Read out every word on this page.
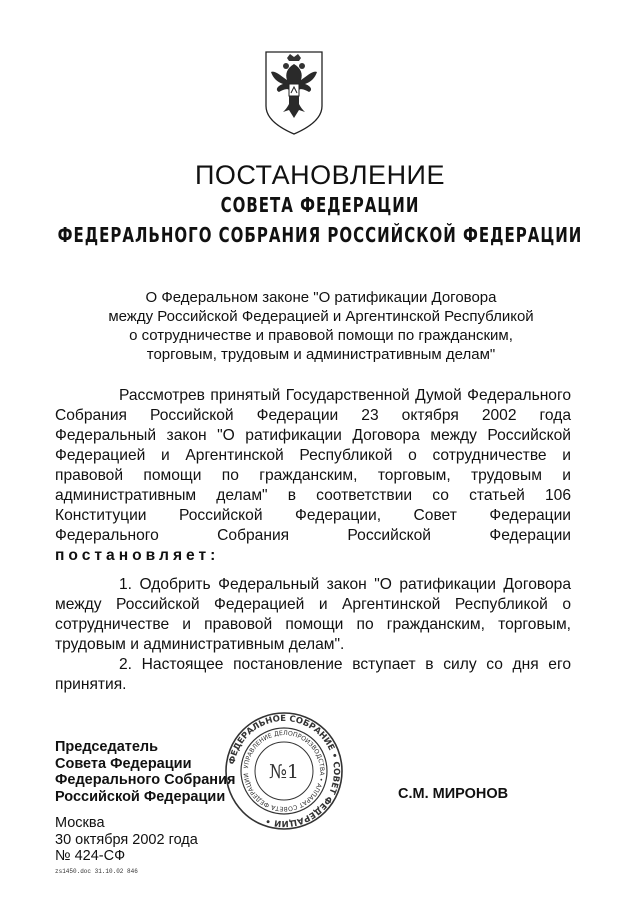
ПОСТАНОВЛЕНИЕ
СОВЕТА ФЕДЕРАЦИИ
ФЕДЕРАЛЬНОГО СОБРАНИЯ РОССИЙСКОЙ ФЕДЕРАЦИИ
О Федеральном законе "О ратификации Договора
между Российской Федерацией и Аргентинской Республикой
о сотрудничестве и правовой помощи по гражданским,
торговым, трудовым и административным делам"
Рассмотрев принятый Государственной Думой Федерального
Собрания Российской Федерации 23 октября 2002 года
Федеральный закон "О ратификации Договора между Российской
Федерацией и Аргентинской Республикой о сотрудничестве и
правовой помощи по гражданским, торговым, трудовым и
административным делам" в соответствии со статьей 106
Конституции Российской Федерации, Совет Федерации
Федерального Собрания Российской Федерации
постановляет:
1. Одобрить Федеральный закон "О ратификации Договора
между Российской Федерацией и Аргентинской Республикой о
сотрудничестве и правовой помощи по гражданским, торговым,
трудовым и административным делам".
2. Настоящее постановление вступает в силу со дня его
принятия.
Председатель
Совета Федерации
Федерального Собрания
Российской Федерации	С.М. МИРОНОВ
ФЕДЕРАЛЬНОЕ СОБРАНИЕ • СОВЕТ ФЕДЕРАЦИИ •
УПРАВЛЕНИЕ ДЕЛОПРОИЗВОДСТВА • АППАРАТ СОВЕТА ФЕДЕРАЦИИ №1
Москва
30 октября 2002 года
№ 424-СФ
zs1450.doc 31.10.02 846
